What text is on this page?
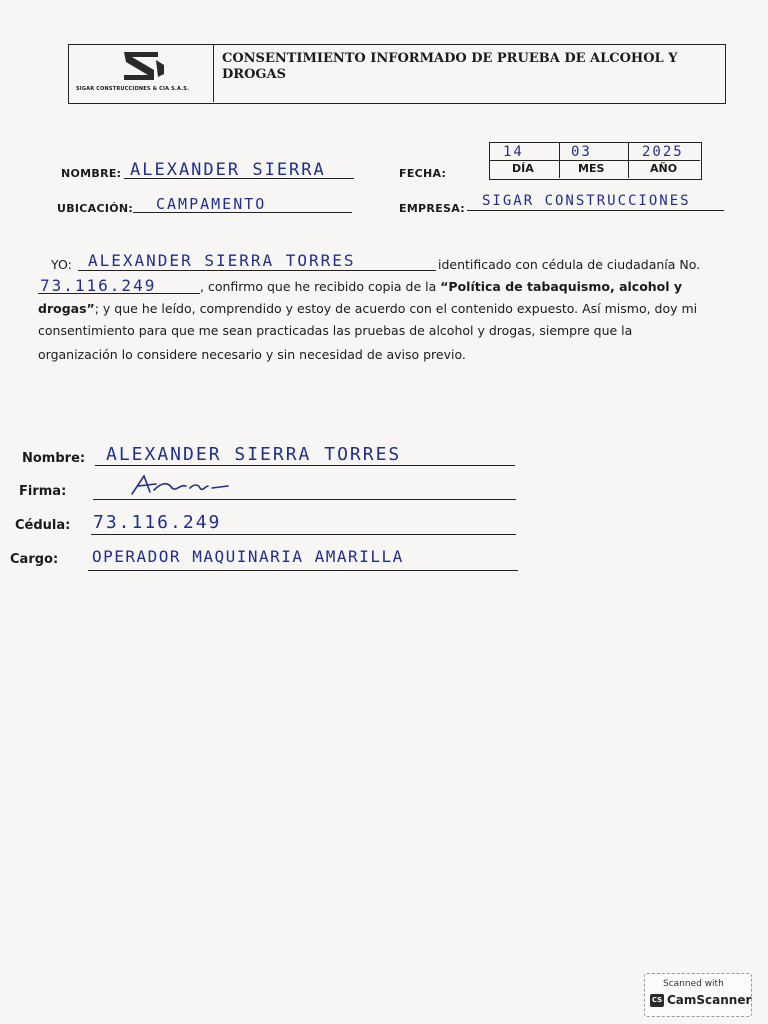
SIGAR CONSTRUCCIONES & CIA S.A.S.
CONSENTIMIENTO INFORMADO DE PRUEBA DE ALCOHOL Y DROGAS
NOMBRE: ALEXANDER SIERRA	FECHA:
14	03	2025
DÍA	MES	AÑO
UBICACIÓN: CAMPAMENTO	EMPRESA: SIGAR CONSTRUCCIONES
YO: ALEXANDER SIERRA TORRES	identificado con cédula de ciudadanía No.
73.116.249	, confirmo que he recibido copia de la “Política de tabaquismo, alcohol y
drogas”; y que he leído, comprendido y estoy de acuerdo con el contenido expuesto. Así mismo, doy mi
consentimiento para que me sean practicadas las pruebas de alcohol y drogas, siempre que la
organización lo considere necesario y sin necesidad de aviso previo.
Nombre: ALEXANDER SIERRA TORRES
Firma:
Cédula: 73.116.249
Cargo: OPERADOR MAQUINARIA AMARILLA
Scanned with
CS CamScanner
